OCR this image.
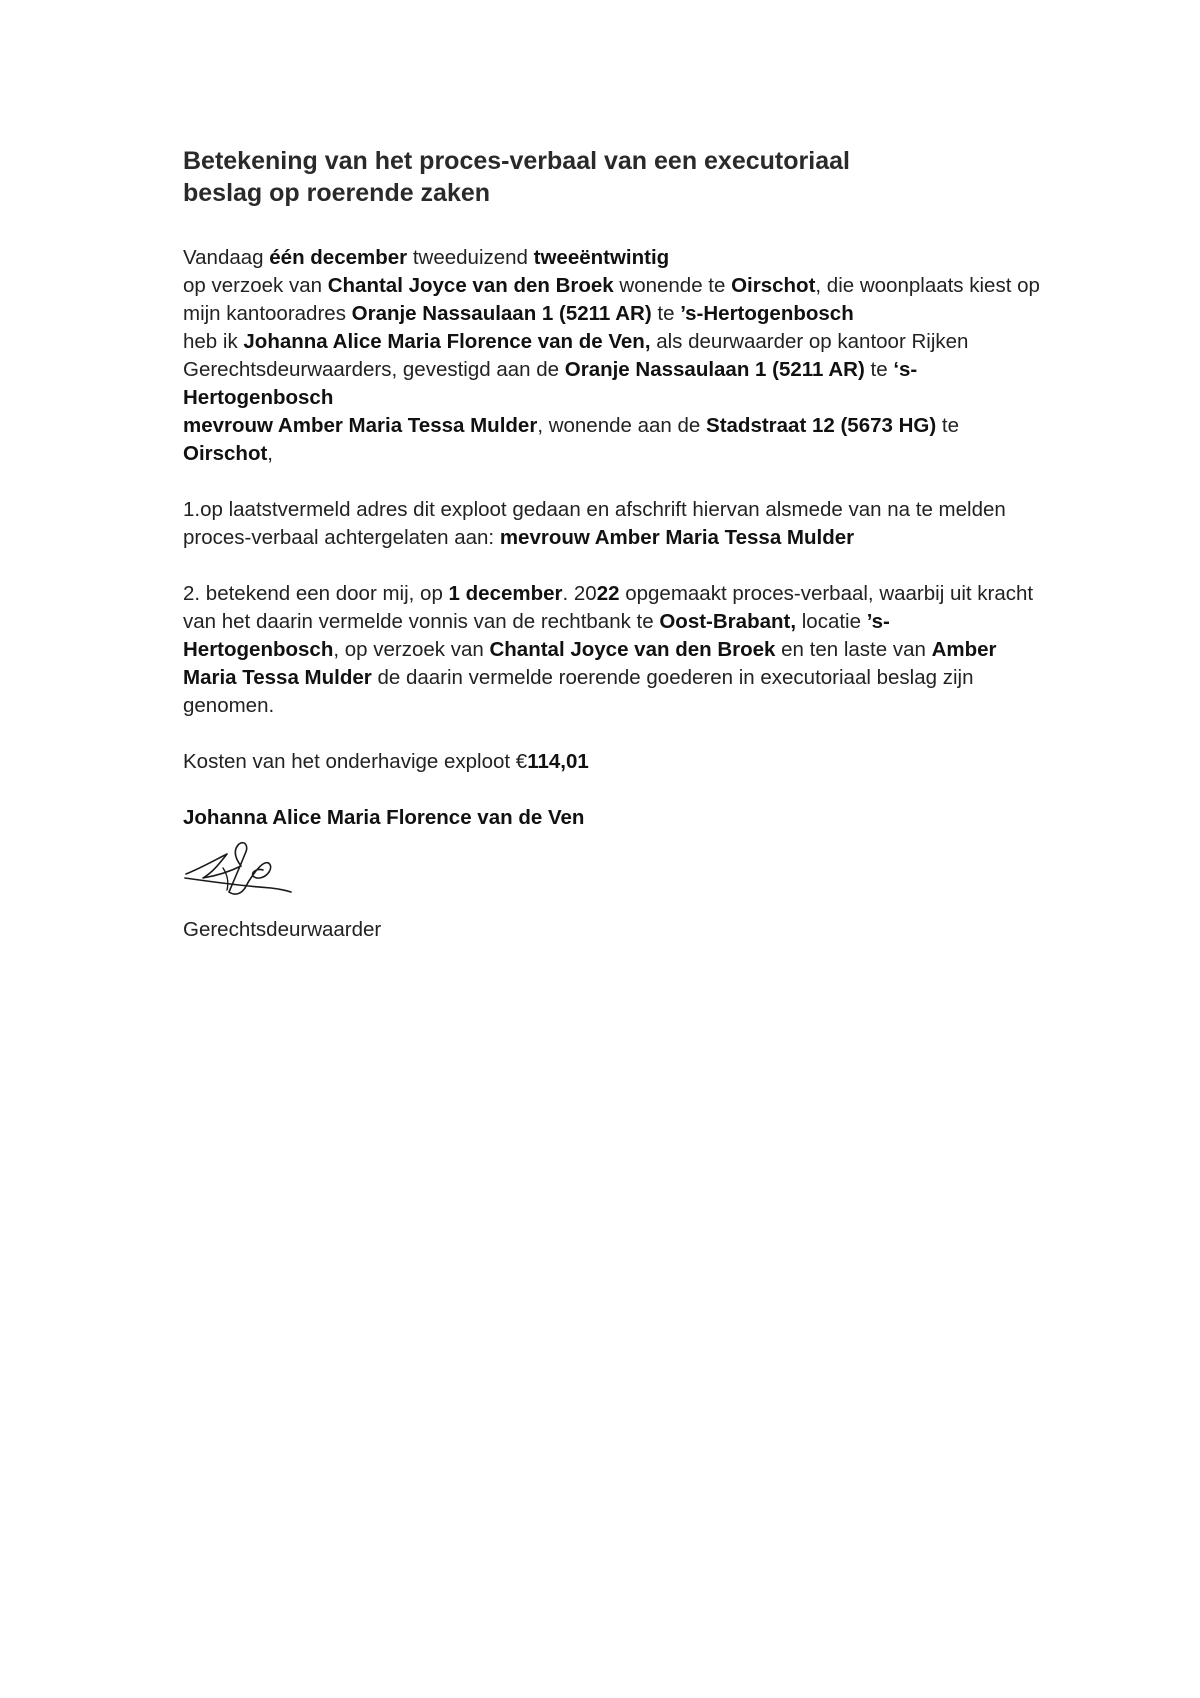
Betekening van het proces-verbaal van een executoriaal
beslag op roerende zaken

Vandaag één december tweeduizend tweeëntwintig
op verzoek van Chantal Joyce van den Broek wonende te Oirschot, die woonplaats kiest op mijn kantooradres Oranje Nassaulaan 1 (5211 AR) te ’s-Hertogenbosch
heb ik Johanna Alice Maria Florence van de Ven, als deurwaarder op kantoor Rijken Gerechtsdeurwaarders, gevestigd aan de Oranje Nassaulaan 1 (5211 AR) te ‘s-Hertogenbosch
mevrouw Amber Maria Tessa Mulder, wonende aan de Stadstraat 12 (5673 HG) te Oirschot,

1.op laatstvermeld adres dit exploot gedaan en afschrift hiervan alsmede van na te melden proces-verbaal achtergelaten aan: mevrouw Amber Maria Tessa Mulder

2. betekend een door mij, op 1 december. 2022 opgemaakt proces-verbaal, waarbij uit kracht van het daarin vermelde vonnis van de rechtbank te Oost-Brabant, locatie ’s-Hertogenbosch, op verzoek van Chantal Joyce van den Broek en ten laste van Amber Maria Tessa Mulder de daarin vermelde roerende goederen in executoriaal beslag zijn genomen.

Kosten van het onderhavige exploot €114,01

Johanna Alice Maria Florence van de Ven

Gerechtsdeurwaarder
